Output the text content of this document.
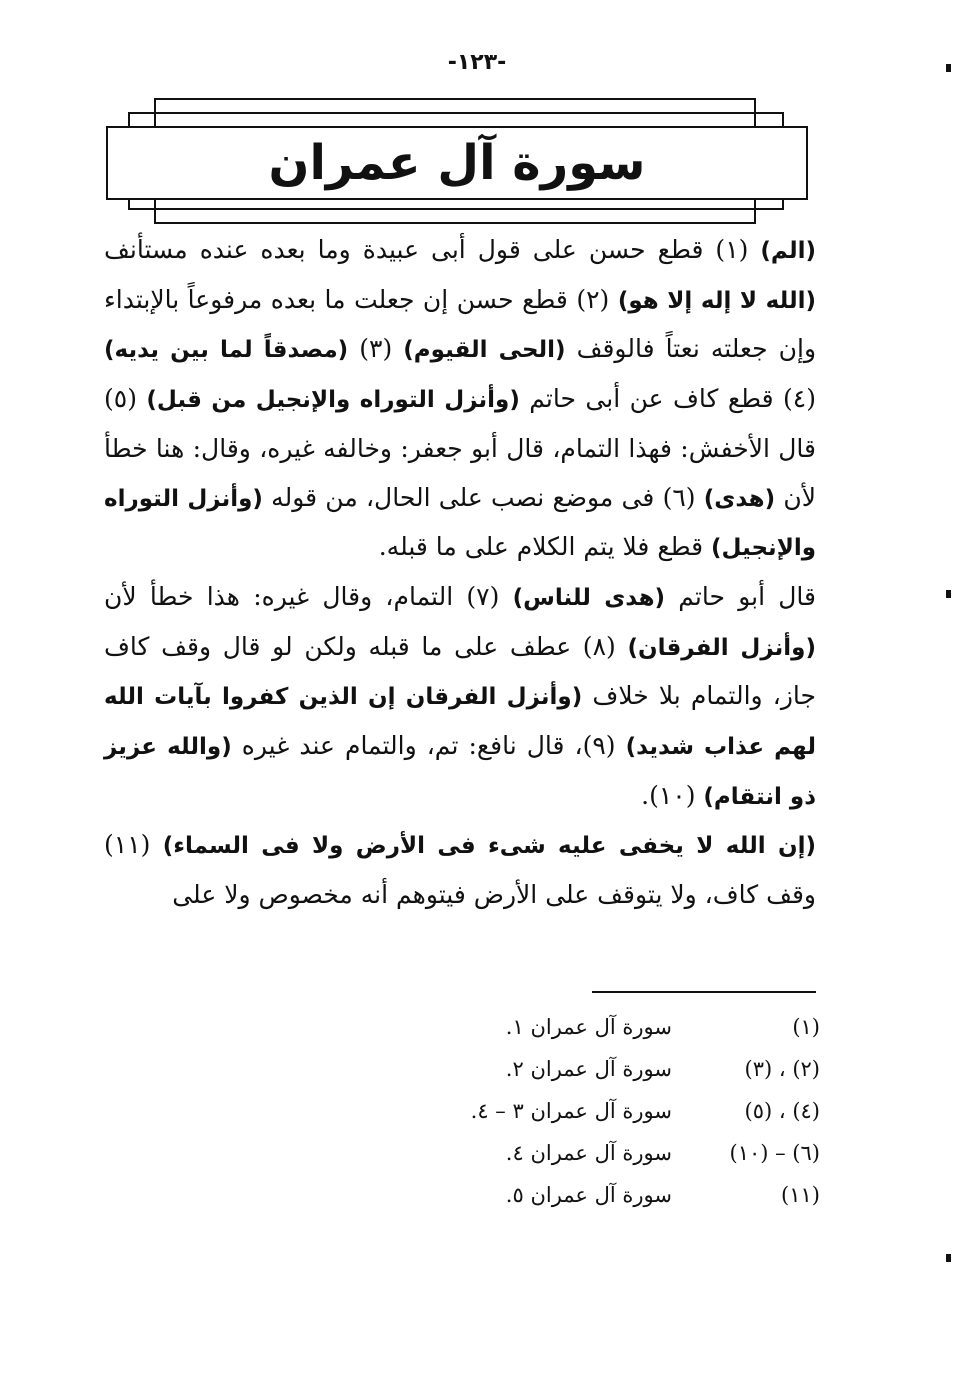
-١٢٣-
سورة آل عمران

(الم) (١) قطع حسن على قول أبى عبيدة وما بعده عنده مستأنف (الله لا إله إلا هو) (٢) قطع حسن إن جعلت ما بعده مرفوعاً بالإبتداء وإن جعلته نعتاً فالوقف (الحى القيوم) (٣) (مصدقاً لما بين يديه) (٤) قطع كاف عن أبى حاتم (وأنزل التوراه والإنجيل من قبل) (٥) قال الأخفش: فهذا التمام، قال أبو جعفر: وخالفه غيره، وقال: هنا خطأ لأن (هدى) (٦) فى موضع نصب على الحال، من قوله (وأنزل التوراه والإنجيل) قطع فلا يتم الكلام على ما قبله.

قال أبو حاتم (هدى للناس) (٧) التمام، وقال غيره: هذا خطأ لأن (وأنزل الفرقان) (٨) عطف على ما قبله ولكن لو قال وقف كاف جاز، والتمام بلا خلاف (وأنزل الفرقان إن الذين كفروا بآيات الله لهم عذاب شديد) (٩)، قال نافع: تم، والتمام عند غيره (والله عزيز ذو انتقام) (١٠).

(إن الله لا يخفى عليه شىء فى الأرض ولا فى السماء) (١١) وقف كاف، ولا يتوقف على الأرض فيتوهم أنه مخصوص ولا على

(١)
سورة آل عمران ١.
(٢) ، (٣)
سورة آل عمران ٢.
(٤) ، (٥)
سورة آل عمران ٣ – ٤.
(٦) – (١٠)
سورة آل عمران ٤.
(١١)
سورة آل عمران ٥.
